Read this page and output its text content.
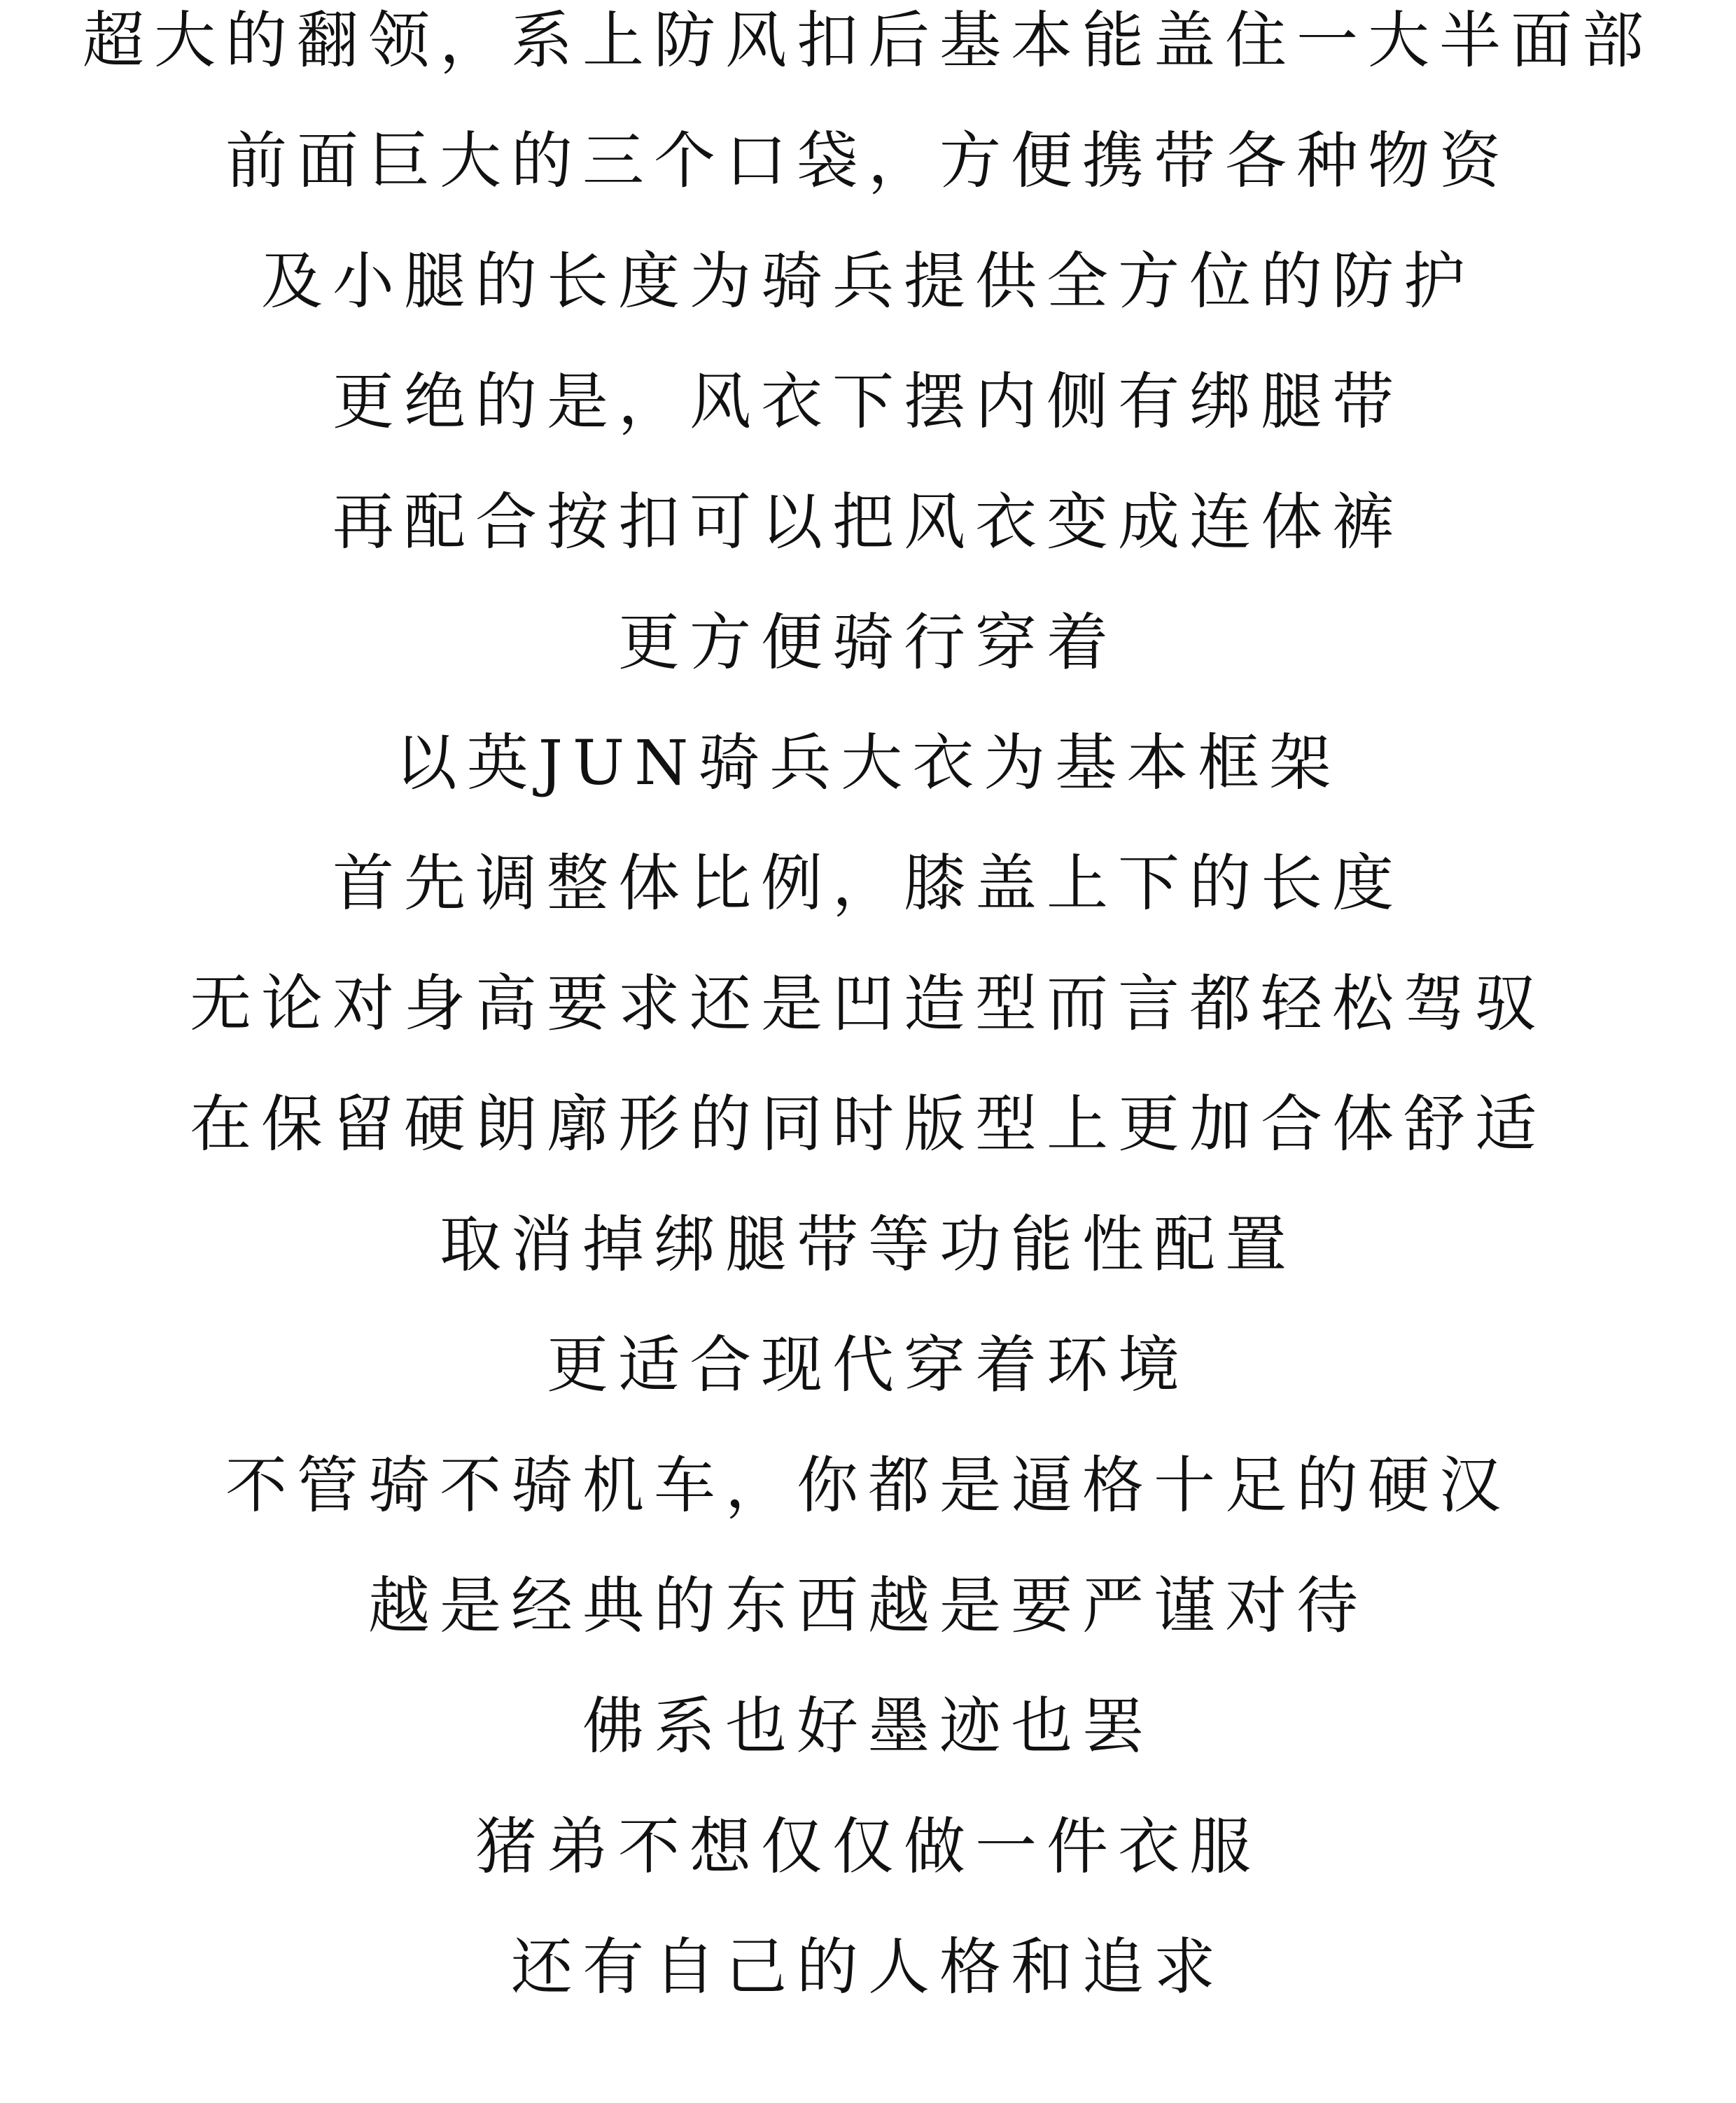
超大的翻领，系上防风扣后基本能盖住一大半面部
前面巨大的三个口袋，方便携带各种物资
及小腿的长度为骑兵提供全方位的防护
更绝的是，风衣下摆内侧有绑腿带
再配合按扣可以把风衣变成连体裤
更方便骑行穿着
以英JUN骑兵大衣为基本框架
首先调整体比例，膝盖上下的长度
无论对身高要求还是凹造型而言都轻松驾驭
在保留硬朗廓形的同时版型上更加合体舒适
取消掉绑腿带等功能性配置
更适合现代穿着环境
不管骑不骑机车，你都是逼格十足的硬汉
越是经典的东西越是要严谨对待
佛系也好墨迹也罢
猪弟不想仅仅做一件衣服
还有自己的人格和追求
